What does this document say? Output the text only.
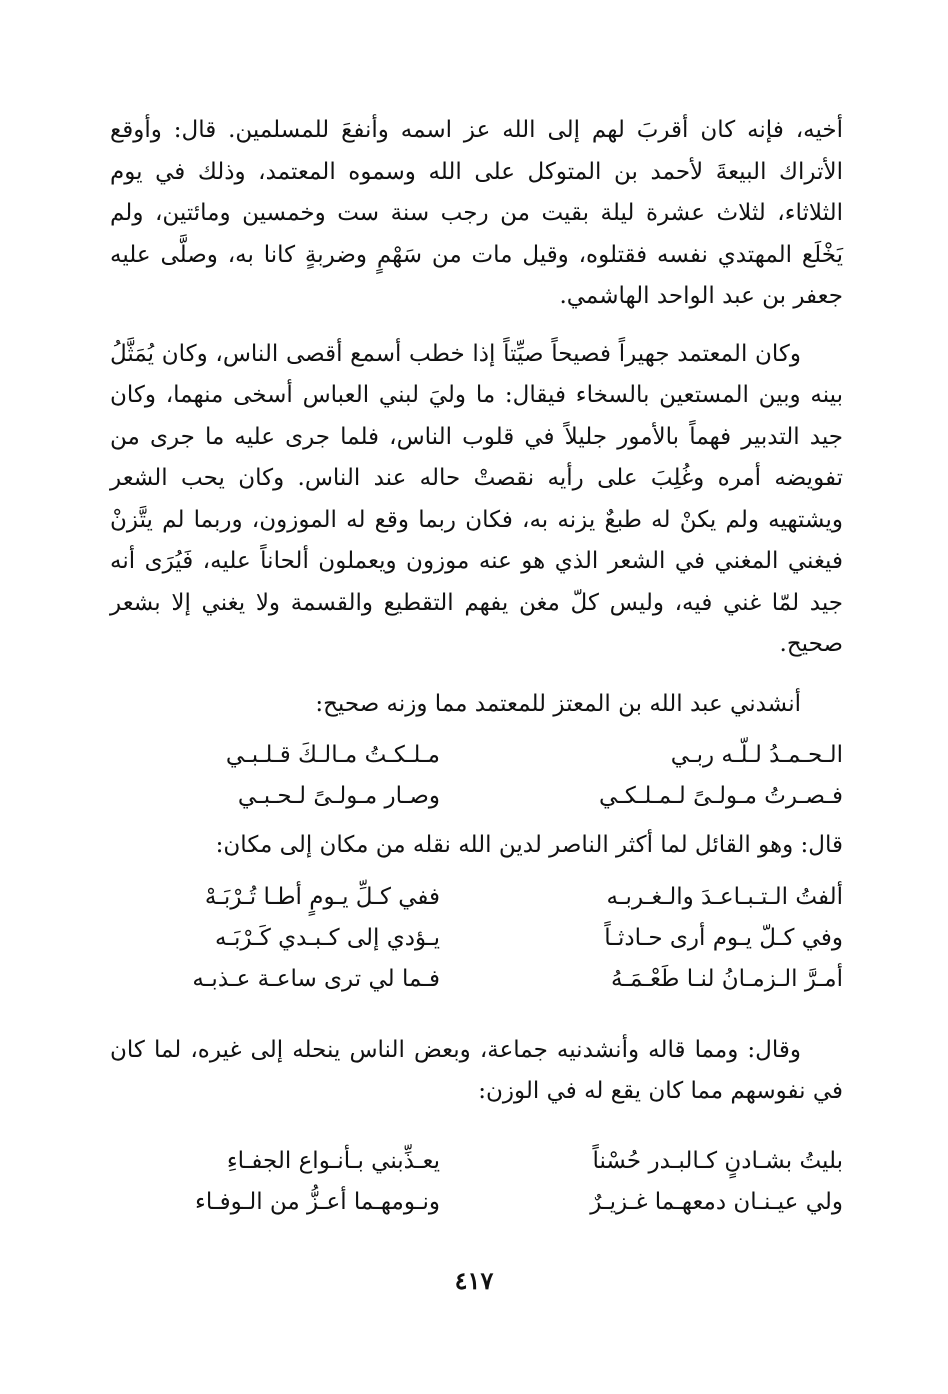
أخيه، فإنه كان أقربَ لهم إلى الله عز اسمه وأنفعَ للمسلمين. قال: وأوقع الأتراك البيعةَ لأحمد بن المتوكل على الله وسموه المعتمد، وذلك في يوم الثلاثاء، لثلاث عشرة ليلة بقيت من رجب سنة ست وخمسين ومائتين، ولم يَخْلَع المهتدي نفسه فقتلوه، وقيل مات من سَهْمٍ وضربةٍ كانا به، وصلَّى عليه جعفر بن عبد الواحد الهاشمي.

وكان المعتمد جهيراً فصيحاً صيِّتاً إذا خطب أسمع أقصى الناس، وكان يُمَثَّلُ بينه وبين المستعين بالسخاء فيقال: ما وليَ لبني العباس أسخى منهما، وكان جيد التدبير فهماً بالأمور جليلاً في قلوب الناس، فلما جرى عليه ما جرى من تفويضه أمره وغُلِبَ على رأيه نقصتْ حاله عند الناس. وكان يحب الشعر ويشتهيه ولم يكنْ له طبعٌ يزنه به، فكان ربما وقع له الموزون، وربما لم يتَّزنْ فيغني المغني في الشعر الذي هو عنه موزون ويعملون ألحاناً عليه، فَيُرَى أنه جيد لمّا غني فيه، وليس كلّ مغن يفهم التقطيع والقسمة ولا يغني إلا بشعر صحيح.

أنشدني عبد الله بن المعتز للمعتمد مما وزنه صحيح:

الـحـمـدُ لـلّـه ربـي
مـلـكـتُ مـالـكَ قـلـبـي
فـصـرتُ مـولـىً لـمـلـكـي
وصـار مـولـىً لـحـبـي

قال: وهو القائل لما أكثر الناصر لدين الله نقله من مكان إلى مكان:

ألفتُ الـتـبـاعـدَ والـغـربـه
ففي كـلِّ يـومٍ أطـا تُـرْبَـهْ
وفي كـلّ يـوم أرى حـادثـاً
يـؤدي إلى كـبـدي كَـرْبَـه
أمـرَّ الـزمـانُ لنـا طَعْـمَـهُ
فـما لي ترى ساعـة عـذبـه

وقال: ومما قاله وأنشدنيه جماعة، وبعض الناس ينحله إلى غيره، لما كان في نفوسهم مما كان يقع له في الوزن:

بليتُ بشـادنٍ كـالبـدر حُسْناً
يعـذِّبني بـأنـواع الجفـاءِ
ولي عيـنـان دمعهـما غـزيـرٌ
ونـومهـما أعـزُّ من الـوفـاء
٤١٧
